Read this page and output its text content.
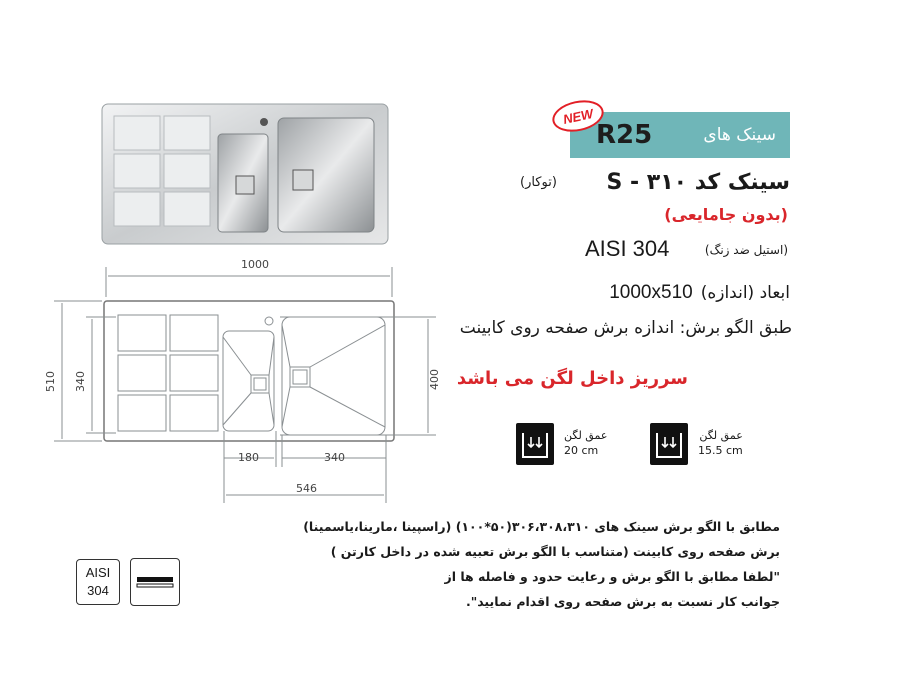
1000
510 340	400
180	340
546
R25	سینک های
NEW
سینک کد S - ۳۱۰
(توکار)
(بدون جامایعی)
AISI 304	(استیل ضد زنگ)
1000x510 ابعاد (اندازه)
طبق الگو برش: اندازه برش صفحه روی کابینت
سرریز داخل لگن می باشد
عمق لگن
20 cm
عمق لگن
15.5 cm
مطابق با الگو برش سینک های ۳۰۶،۳۰۸،۳۱۰(۵۰*۱۰۰) (راسپینا ،مارینا،یاسمینا)
برش صفحه روی کابینت (متناسب با الگو برش تعبیه شده در داخل کارتن )
"لطفا مطابق با الگو برش و رعایت حدود و فاصله ها از
جوانب کار نسبت به برش صفحه روی اقدام نمایید".
AISI
304
